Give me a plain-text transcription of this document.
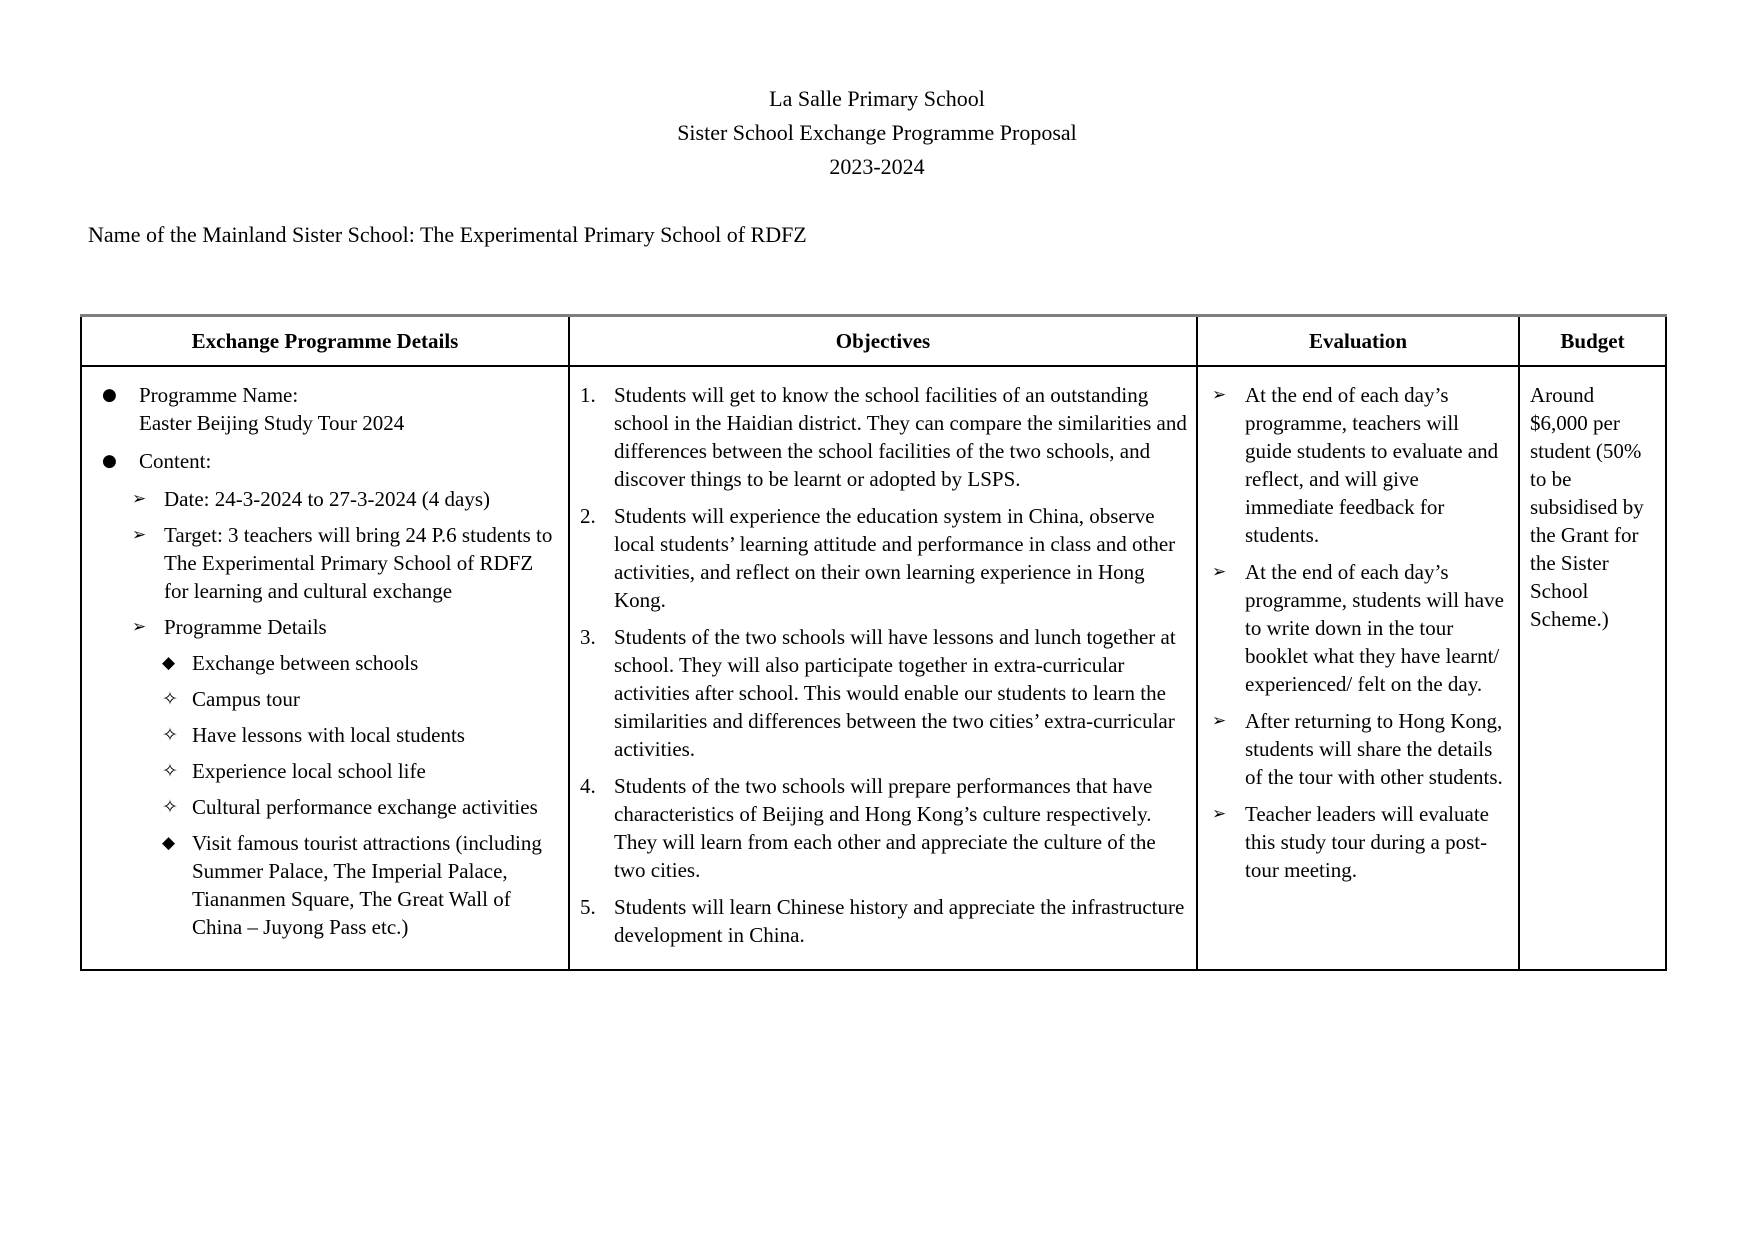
La Salle Primary School
Sister School Exchange Programme Proposal
2023-2024
Name of the Mainland Sister School: The Experimental Primary School of RDFZ
Exchange Programme Details	Objectives	Evaluation	Budget

●	Programme Name:
Easter Beijing Study Tour 2024
●	Content:
➢ Date: 24-3-2024 to 27-3-2024 (4 days)
➢ Target: 3 teachers will bring 24 P.6 students to The Experimental Primary School of RDFZ for learning and cultural exchange
➢ Programme Details
◆ Exchange between schools
✧ Campus tour
✧ Have lessons with local students
✧ Experience local school life
✧ Cultural performance exchange activities
◆ Visit famous tourist attractions (including Summer Palace, The Imperial Palace, Tiananmen Square, The Great Wall of China – Juyong Pass etc.)

1. Students will get to know the school facilities of an outstanding school in the Haidian district. They can compare the similarities and differences between the school facilities of the two schools, and discover things to be learnt or adopted by LSPS.
2. Students will experience the education system in China, observe local students’ learning attitude and performance in class and other activities, and reflect on their own learning experience in Hong Kong.
3. Students of the two schools will have lessons and lunch together at school. They will also participate together in extra-curricular activities after school. This would enable our students to learn the similarities and differences between the two cities’ extra-curricular activities.
4. Students of the two schools will prepare performances that have characteristics of Beijing and Hong Kong’s culture respectively. They will learn from each other and appreciate the culture of the two cities.
5. Students will learn Chinese history and appreciate the infrastructure development in China.

➢ At the end of each day’s programme, teachers will guide students to evaluate and reflect, and will give immediate feedback for students.
➢ At the end of each day’s programme, students will have to write down in the tour booklet what they have learnt/ experienced/ felt on the day.
➢ After returning to Hong Kong, students will share the details of the tour with other students.
➢ Teacher leaders will evaluate this study tour during a post-tour meeting.

Around $6,000 per student (50% to be subsidised by the Grant for the Sister School Scheme.)
